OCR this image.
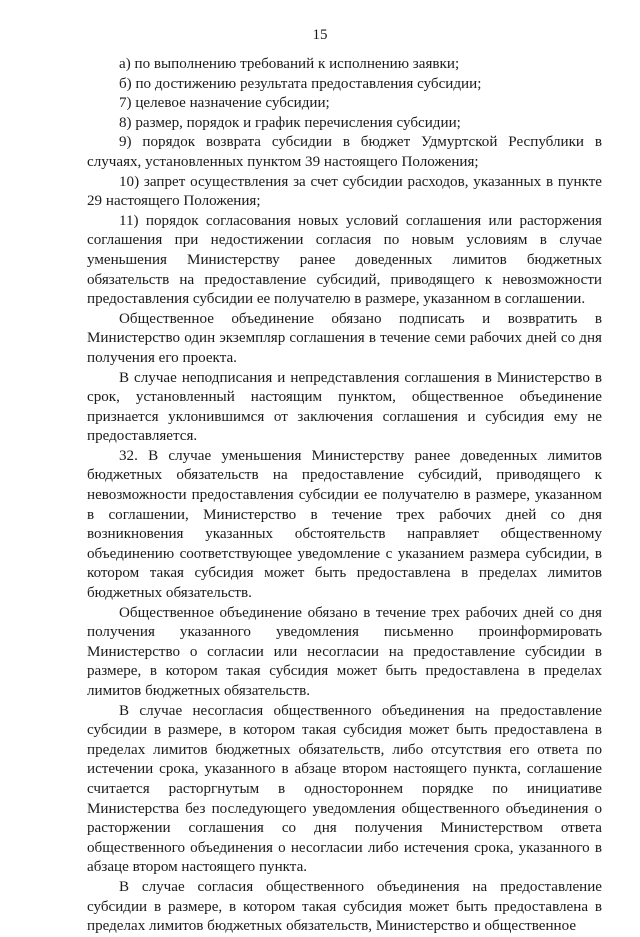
15

а) по выполнению требований к исполнению заявки;

б) по достижению результата предоставления субсидии;

7) целевое назначение субсидии;

8) размер, порядок и график перечисления субсидии;

9) порядок возврата субсидии в бюджет Удмуртской Республики в случаях, установленных пунктом 39 настоящего Положения;

10) запрет осуществления за счет субсидии расходов, указанных в пункте 29 настоящего Положения;

11) порядок согласования новых условий соглашения или расторжения соглашения при недостижении согласия по новым условиям в случае уменьшения Министерству ранее доведенных лимитов бюджетных обязательств на предоставление субсидий, приводящего к невозможности предоставления субсидии ее получателю в размере, указанном в соглашении.

Общественное объединение обязано подписать и возвратить в Министерство один экземпляр соглашения в течение семи рабочих дней со дня получения его проекта.

В случае неподписания и непредставления соглашения в Министерство в срок, установленный настоящим пунктом, общественное объединение признается уклонившимся от заключения соглашения и субсидия ему не предоставляется.

32. В случае уменьшения Министерству ранее доведенных лимитов бюджетных обязательств на предоставление субсидий, приводящего к невозможности предоставления субсидии ее получателю в размере, указанном в соглашении, Министерство в течение трех рабочих дней со дня возникновения указанных обстоятельств направляет общественному объединению соответствующее уведомление с указанием размера субсидии, в котором такая субсидия может быть предоставлена в пределах лимитов бюджетных обязательств.

Общественное объединение обязано в течение трех рабочих дней со дня получения указанного уведомления письменно проинформировать Министерство о согласии или несогласии на предоставление субсидии в размере, в котором такая субсидия может быть предоставлена в пределах лимитов бюджетных обязательств.

В случае несогласия общественного объединения на предоставление субсидии в размере, в котором такая субсидия может быть предоставлена в пределах лимитов бюджетных обязательств, либо отсутствия его ответа по истечении срока, указанного в абзаце втором настоящего пункта, соглашение считается расторгнутым в одностороннем порядке по инициативе Министерства без последующего уведомления общественного объединения о расторжении соглашения со дня получения Министерством ответа общественного объединения о несогласии либо истечения срока, указанного в абзаце втором настоящего пункта.

В случае согласия общественного объединения на предоставление субсидии в размере, в котором такая субсидия может быть предоставлена в пределах лимитов бюджетных обязательств, Министерство и общественное
